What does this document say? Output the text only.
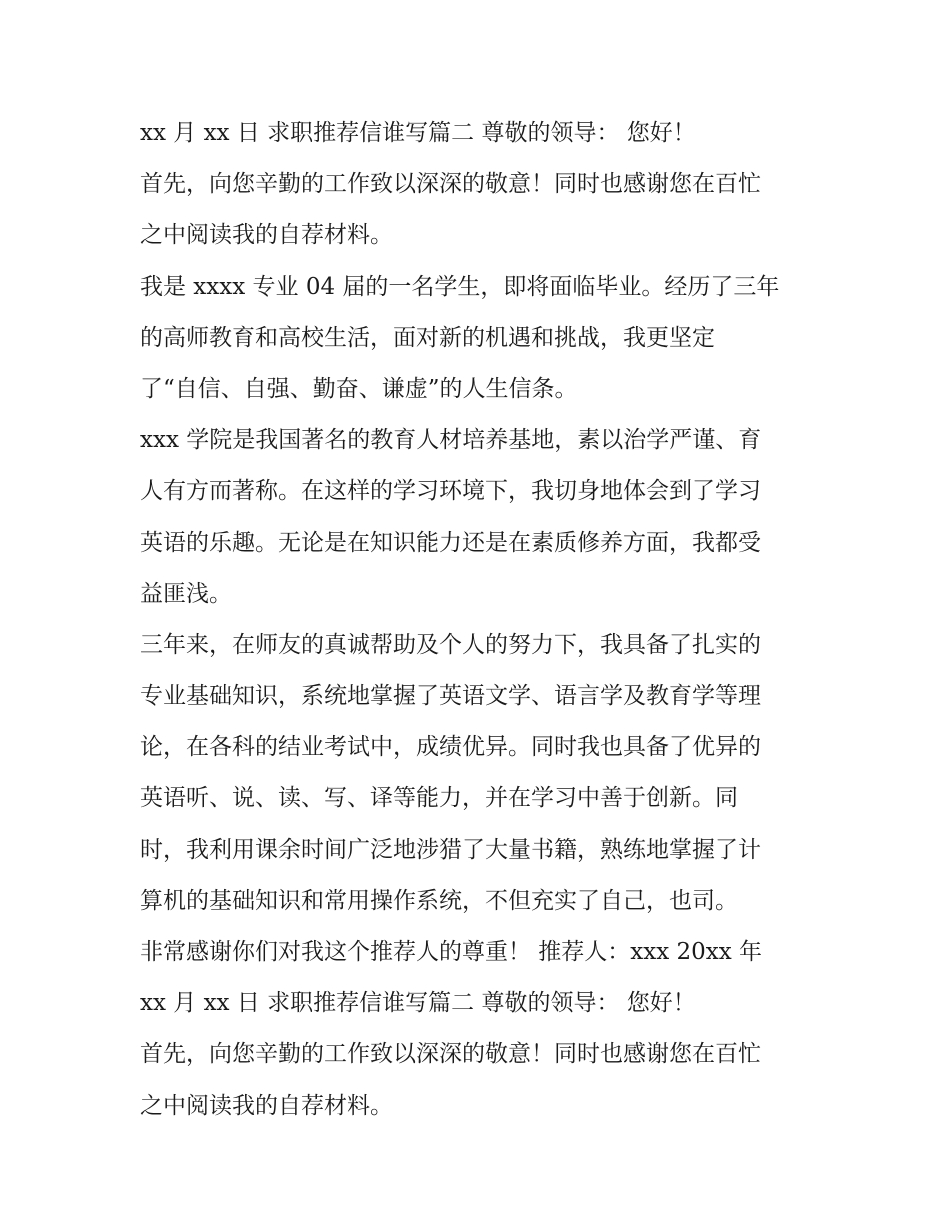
xx 月 xx 日 求职推荐信谁写篇二 尊敬的领导： 您好！
首先，向您辛勤的工作致以深深的敬意！同时也感谢您在百忙
之中阅读我的自荐材料。
我是 xxxx 专业 04 届的一名学生，即将面临毕业。经历了三年
的高师教育和高校生活，面对新的机遇和挑战，我更坚定
了“自信、自强、勤奋、谦虚”的人生信条。
xxx 学院是我国著名的教育人材培养基地，素以治学严谨、育
人有方而著称。在这样的学习环境下，我切身地体会到了学习
英语的乐趣。无论是在知识能力还是在素质修养方面，我都受
益匪浅。
三年来，在师友的真诚帮助及个人的努力下，我具备了扎实的
专业基础知识，系统地掌握了英语文学、语言学及教育学等理
论，在各科的结业考试中，成绩优异。同时我也具备了优异的
英语听、说、读、写、译等能力，并在学习中善于创新。同
时，我利用课余时间广泛地涉猎了大量书籍，熟练地掌握了计
算机的基础知识和常用操作系统，不但充实了自己，也司。
非常感谢你们对我这个推荐人的尊重！ 推荐人：xxx 20xx 年
xx 月 xx 日 求职推荐信谁写篇二 尊敬的领导： 您好！
首先，向您辛勤的工作致以深深的敬意！同时也感谢您在百忙
之中阅读我的自荐材料。
